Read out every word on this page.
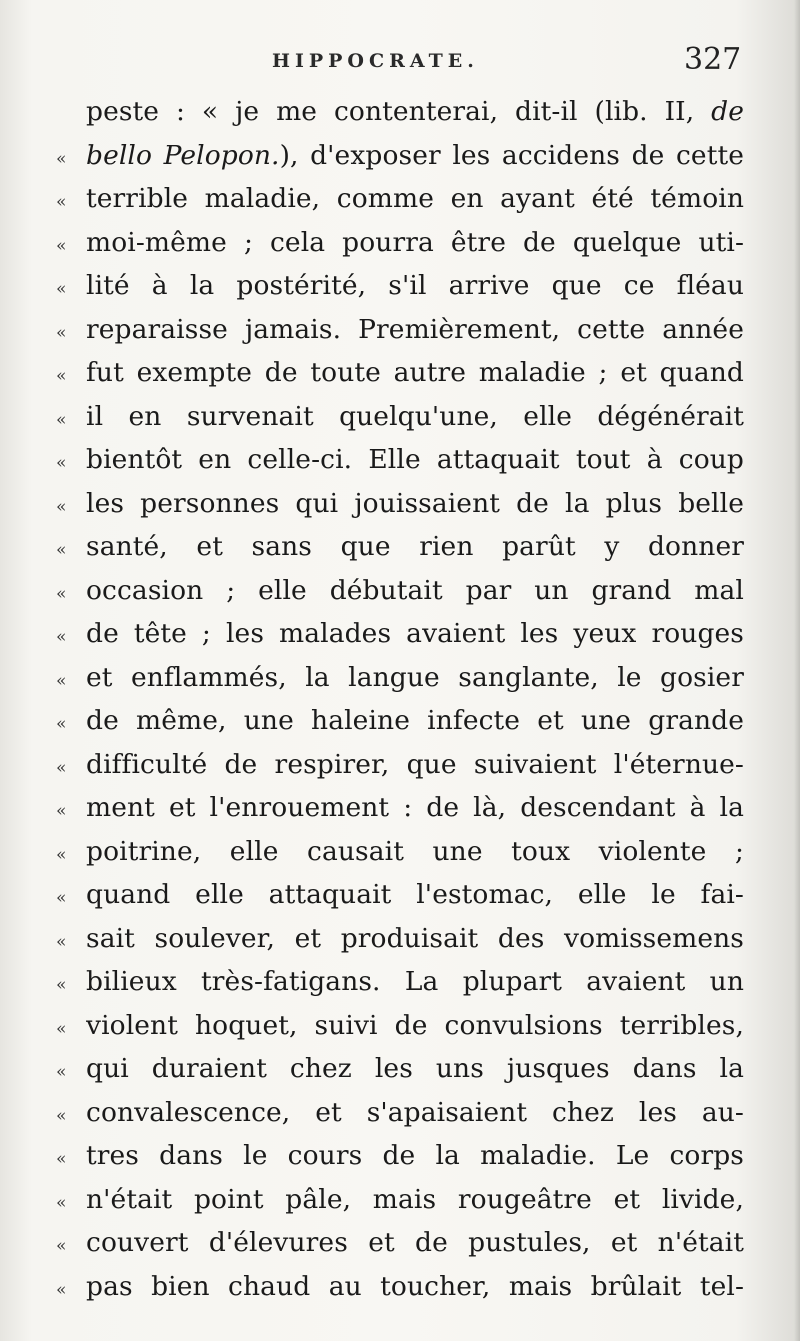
HIPPOCRATE.	327
peste : « je me contenterai, dit-il (lib. II, de
« bello Pelopon.), d'exposer les accidens de cette
« terrible maladie, comme en ayant été témoin
« moi-même ; cela pourra être de quelque uti-
« lité à la postérité, s'il arrive que ce fléau
« reparaisse jamais. Premièrement, cette année
« fut exempte de toute autre maladie ; et quand
« il en survenait quelqu'une, elle dégénérait
« bientôt en celle-ci. Elle attaquait tout à coup
« les personnes qui jouissaient de la plus belle
« santé, et sans que rien parût y donner
« occasion ; elle débutait par un grand mal
« de tête ; les malades avaient les yeux rouges
« et enflammés, la langue sanglante, le gosier
« de même, une haleine infecte et une grande
« difficulté de respirer, que suivaient l'éternue-
« ment et l'enrouement : de là, descendant à la
« poitrine, elle causait une toux violente ;
« quand elle attaquait l'estomac, elle le fai-
« sait soulever, et produisait des vomissemens
« bilieux très-fatigans. La plupart avaient un
« violent hoquet, suivi de convulsions terribles,
« qui duraient chez les uns jusques dans la
« convalescence, et s'apaisaient chez les au-
« tres dans le cours de la maladie. Le corps
« n'était point pâle, mais rougeâtre et livide,
« couvert d'élevures et de pustules, et n'était
« pas bien chaud au toucher, mais brûlait tel-
